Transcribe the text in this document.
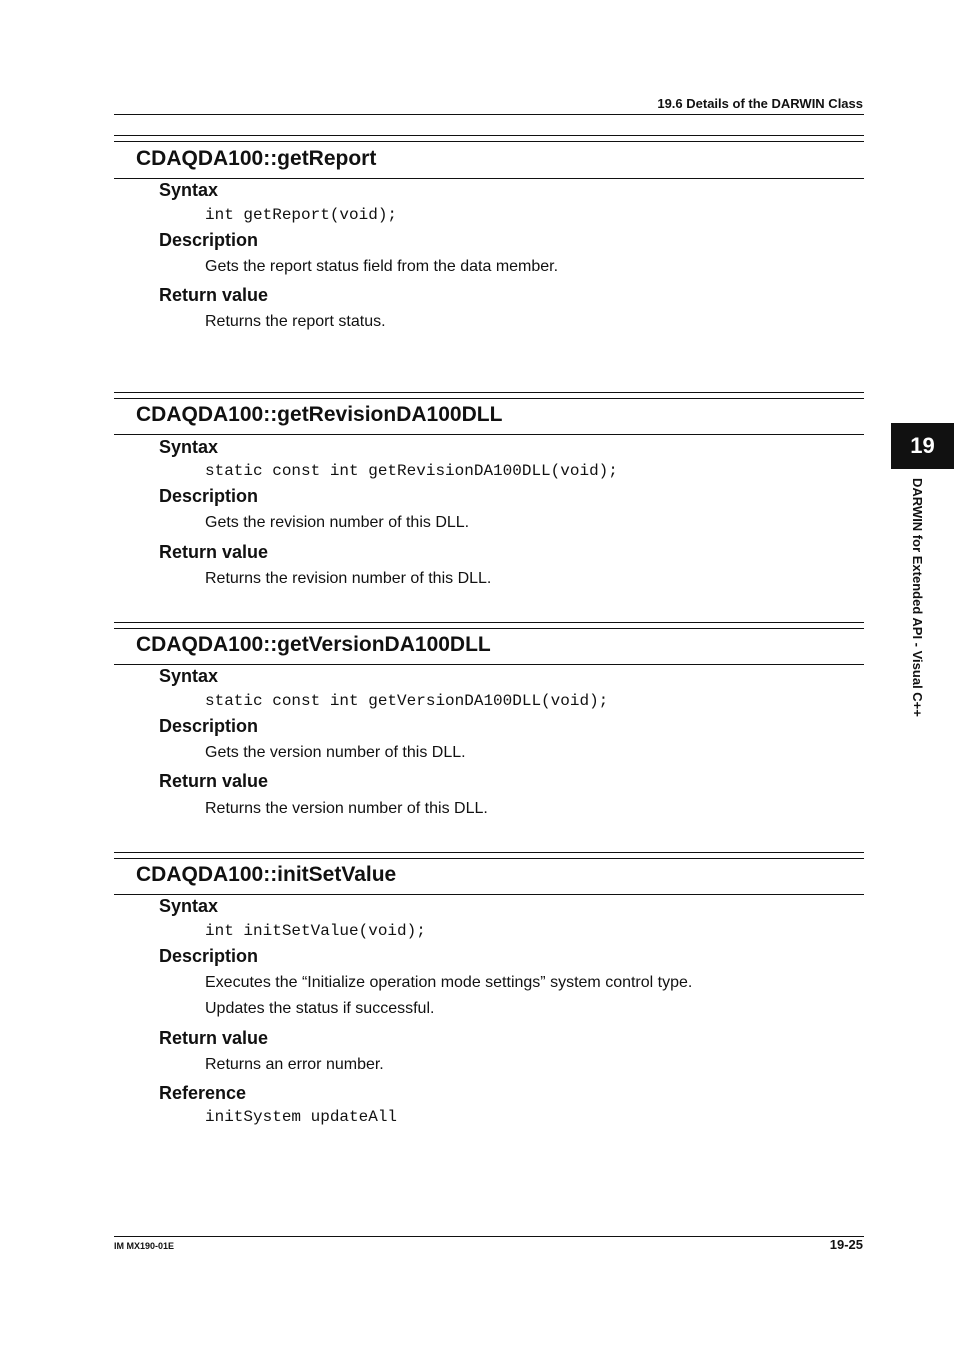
19.6 Details of the DARWIN Class
CDAQDA100::getReport
Syntax
int getReport(void);
Description
Gets the report status field from the data member.
Return value
Returns the report status.
CDAQDA100::getRevisionDA100DLL
Syntax
static const int getRevisionDA100DLL(void);
Description
Gets the revision number of this DLL.
Return value
Returns the revision number of this DLL.
CDAQDA100::getVersionDA100DLL
Syntax
static const int getVersionDA100DLL(void);
Description
Gets the version number of this DLL.
Return value
Returns the version number of this DLL.
CDAQDA100::initSetValue
Syntax
int initSetValue(void);
Description
Executes the “Initialize operation mode settings” system control type.
Updates the status if successful.
Return value
Returns an error number.
Reference
initSystem updateAll
19
DARWIN for Extended API - Visual C++
IM MX190-01E	19-25
